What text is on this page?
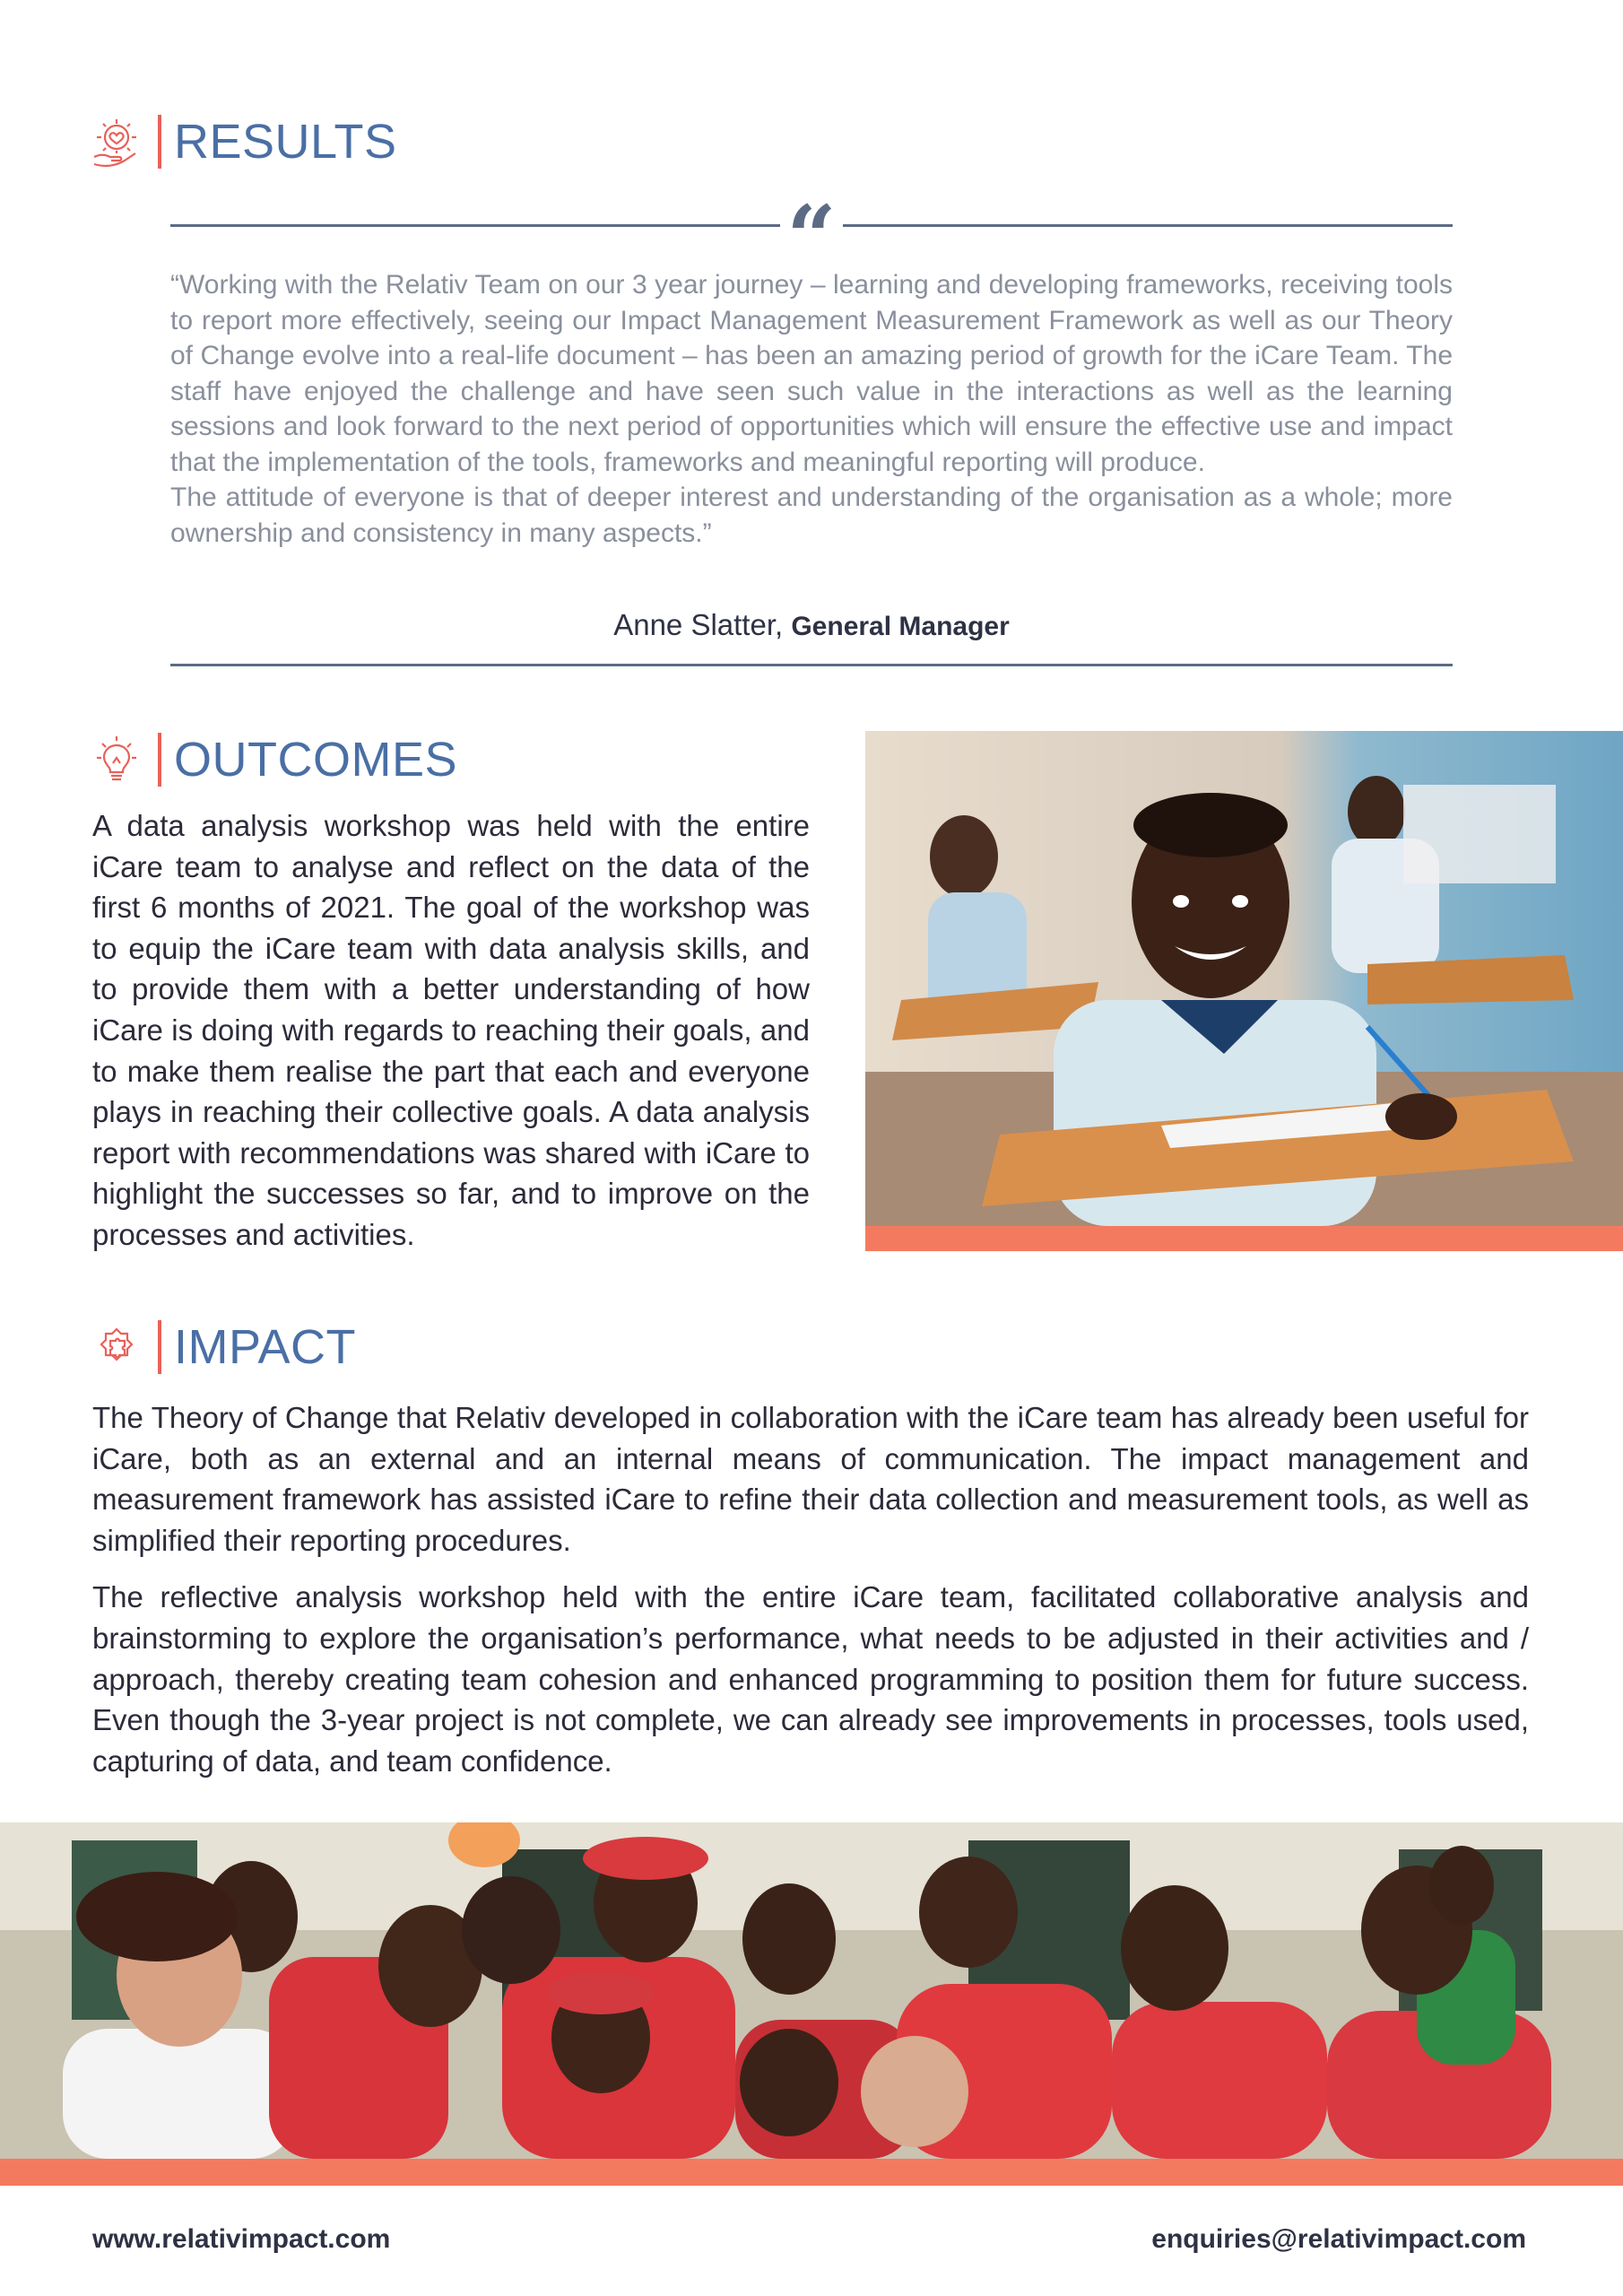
RESULTS
“

“Working with the Relativ Team on our 3 year journey – learning and developing frameworks, receiving tools to report more effectively, seeing our Impact Management Measurement Framework as well as our Theory of Change evolve into a real-life document – has been an amazing period of growth for the iCare Team. The staff have enjoyed the challenge and have seen such value in the interactions as well as the learning sessions and look forward to the next period of opportunities which will ensure the effective use and impact that the implementation of the tools, frameworks and meaningful reporting will produce.

The attitude of everyone is that of deeper interest and understanding of the organisation as a whole; more ownership and consistency in many aspects.”

Anne Slatter, General Manager
OUTCOMES
A data analysis workshop was held with the entire iCare team to analyse and reflect on the data of the first 6 months of 2021. The goal of the workshop was to equip the iCare team with data analysis skills, and to provide them with a better understanding of how iCare is doing with regards to reaching their goals, and to make them realise the part that each and everyone plays in reaching their collective goals. A data analysis report with recommendations was shared with iCare to highlight the successes so far, and to improve on the processes and activities.
IMPACT

The Theory of Change that Relativ developed in collaboration with the iCare team has already been useful for iCare, both as an external and an internal means of communication. The impact management and measurement framework has assisted iCare to refine their data collection and measurement tools, as well as simplified their reporting procedures.

The reflective analysis workshop held with the entire iCare team, facilitated collaborative analysis and brainstorming to explore the organisation’s performance, what needs to be adjusted in their activities and / approach, thereby creating team cohesion and enhanced programming to position them for future success. Even though the 3-year project is not complete, we can already see improvements in processes, tools used, capturing of data, and team confidence.

www.relativimpact.com	enquiries@relativimpact.com
